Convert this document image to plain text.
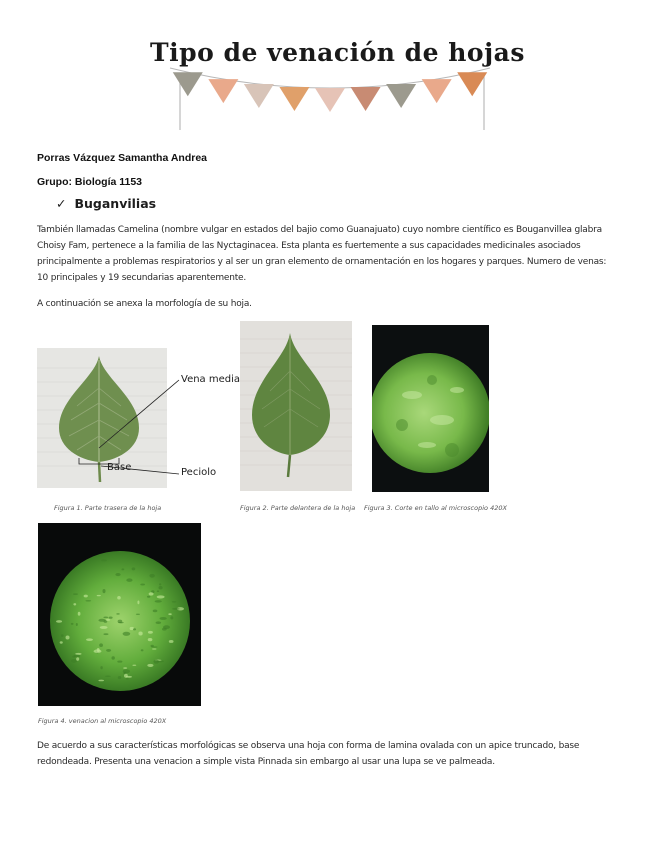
Tipo de venación de hojas
Porras Vázquez Samantha Andrea
Grupo: Biología 1153
✓ Buganvilias
También llamadas Camelina (nombre vulgar en estados del bajio como Guanajuato) cuyo nombre científico es Bouganvillea glabra Choisy Fam, pertenece a la familia de las Nyctaginacea. Esta planta es fuertemente a sus capacidades medicinales asociados principalmente a problemas respiratorios y al ser un gran elemento de ornamentación en los hogares y parques. Numero de venas: 10 principales y 19 secundarias aparentemente.
A continuación se anexa la morfología de su hoja.
Vena media
Base	Peciolo
Figura 1. Parte trasera de la hoja	Figura 2. Parte delantera de la hoja Figura 3. Corte en tallo al microscopio 420X
Figura 4. venacion al microscopio 420X
De acuerdo a sus características morfológicas se observa una hoja con forma de lamina ovalada con un apice truncado, base redondeada. Presenta una venacion a simple vista Pinnada sin embargo al usar una lupa se ve palmeada.
